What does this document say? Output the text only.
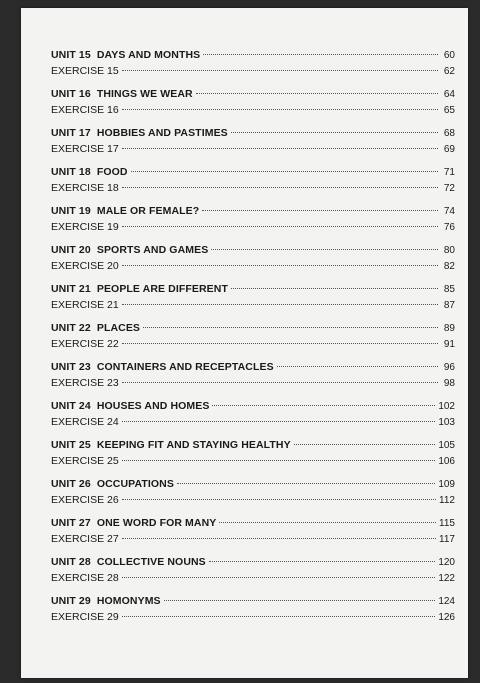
UNIT 15 DAYS AND MONTHS	60
EXERCISE 15	62
UNIT 16 THINGS WE WEAR	64
EXERCISE 16	65
UNIT 17 HOBBIES AND PASTIMES	68
EXERCISE 17	69
UNIT 18 FOOD	71
EXERCISE 18	72
UNIT 19 MALE OR FEMALE?	74
EXERCISE 19	76
UNIT 20 SPORTS AND GAMES	80
EXERCISE 20	82
UNIT 21 PEOPLE ARE DIFFERENT	85
EXERCISE 21	87
UNIT 22 PLACES	89
EXERCISE 22	91
UNIT 23 CONTAINERS AND RECEPTACLES	96
EXERCISE 23	98
UNIT 24 HOUSES AND HOMES	102
EXERCISE 24	103
UNIT 25 KEEPING FIT AND STAYING HEALTHY	105
EXERCISE 25	106
UNIT 26 OCCUPATIONS	109
EXERCISE 26	112
UNIT 27 ONE WORD FOR MANY	115
EXERCISE 27	117
UNIT 28 COLLECTIVE NOUNS	120
EXERCISE 28	122
UNIT 29 HOMONYMS	124
EXERCISE 29	126
